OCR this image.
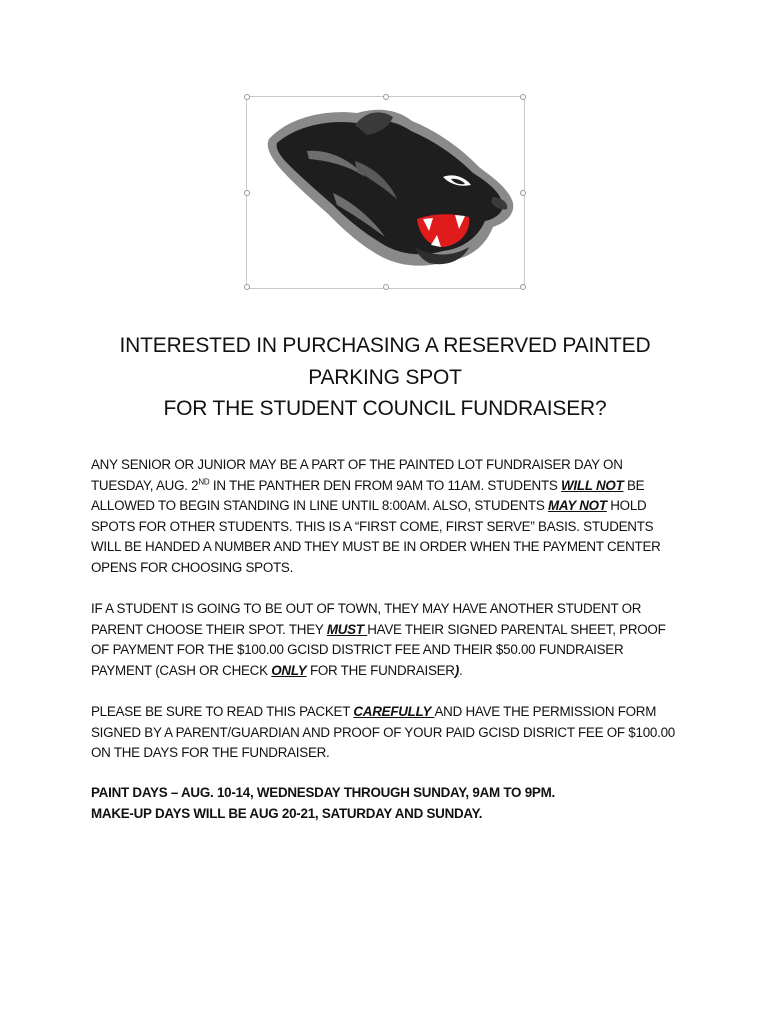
INTERESTED IN PURCHASING A RESERVED PAINTED
PARKING SPOT
FOR THE STUDENT COUNCIL FUNDRAISER?

ANY SENIOR OR JUNIOR MAY BE A PART OF THE PAINTED LOT FUNDRAISER DAY ON TUESDAY, AUG. 2ND IN THE PANTHER DEN FROM 9AM TO 11AM. STUDENTS WILL NOT BE ALLOWED TO BEGIN STANDING IN LINE UNTIL 8:00AM. ALSO, STUDENTS MAY NOT HOLD SPOTS FOR OTHER STUDENTS. THIS IS A “FIRST COME, FIRST SERVE” BASIS. STUDENTS WILL BE HANDED A NUMBER AND THEY MUST BE IN ORDER WHEN THE PAYMENT CENTER OPENS FOR CHOOSING SPOTS.

IF A STUDENT IS GOING TO BE OUT OF TOWN, THEY MAY HAVE ANOTHER STUDENT OR PARENT CHOOSE THEIR SPOT. THEY MUST HAVE THEIR SIGNED PARENTAL SHEET, PROOF OF PAYMENT FOR THE $100.00 GCISD DISTRICT FEE AND THEIR $50.00 FUNDRAISER PAYMENT (CASH OR CHECK ONLY FOR THE FUNDRAISER).

PLEASE BE SURE TO READ THIS PACKET CAREFULLY AND HAVE THE PERMISSION FORM SIGNED BY A PARENT/GUARDIAN AND PROOF OF YOUR PAID GCISD DISRICT FEE OF $100.00 ON THE DAYS FOR THE FUNDRAISER.

PAINT DAYS – AUG. 10-14, WEDNESDAY THROUGH SUNDAY, 9AM TO 9PM.
MAKE-UP DAYS WILL BE AUG 20-21, SATURDAY AND SUNDAY.
